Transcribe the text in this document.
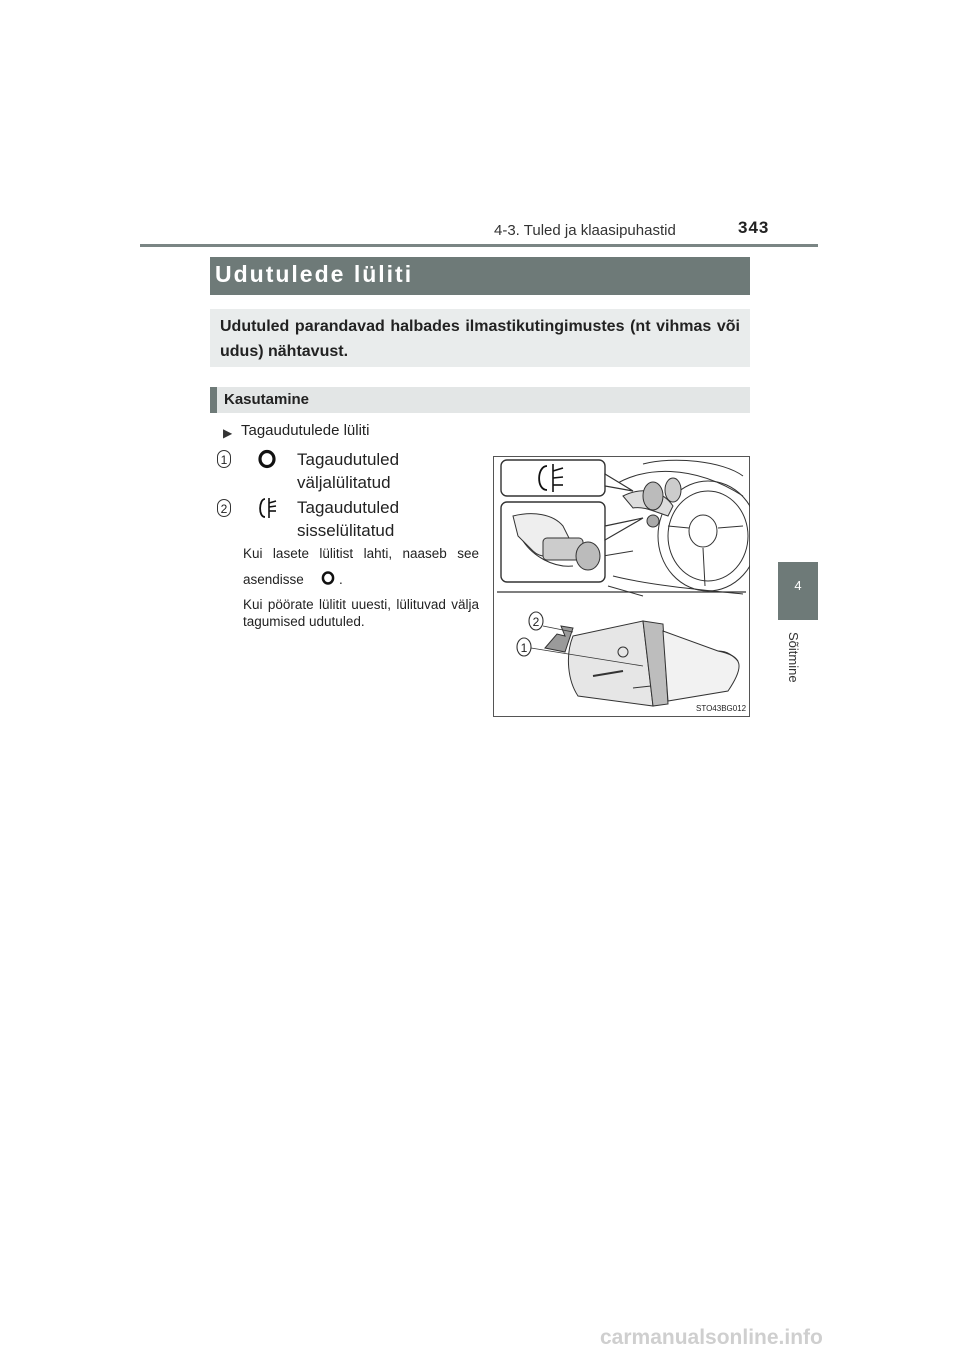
4-3. Tuled ja klaasipuhastid	343
4
Sõitmine
Udutulede lüliti
Udutuled parandavad halbades ilmastikutingimustes (nt vihmas või udus) nähtavust.
Kasutamine
▶ Tagaudutulede lüliti
1	Tagaudutuled väljalülitatud
2	Tagaudutuled sisselülitatud
Kui lasete lülitist lahti, naaseb see
asendisse	.
Kui pöörate lülitit uuesti, lülituvad välja tagumised udutuled.	2
1
STO43BG012
carmanualsonline.info
